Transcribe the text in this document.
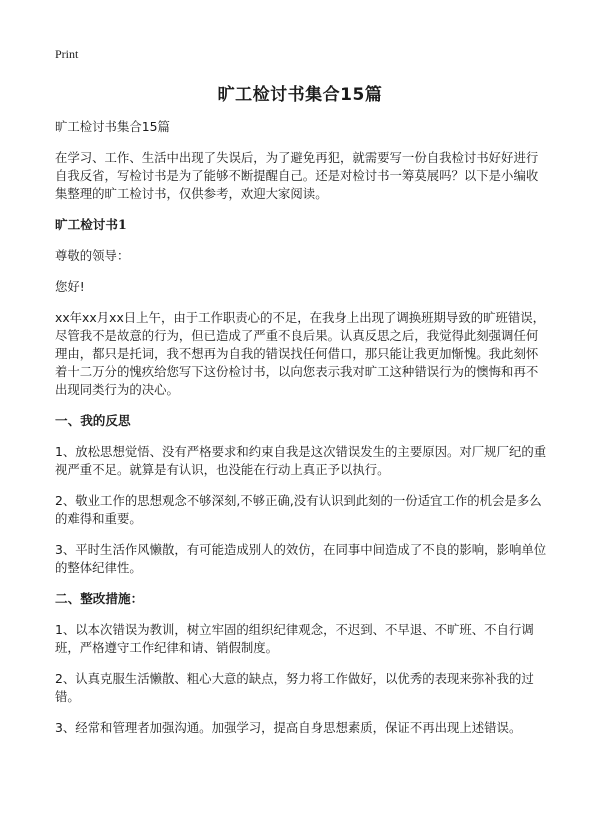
Print
旷工检讨书集合15篇
旷工检讨书集合15篇
在学习、工作、生活中出现了失误后，为了避免再犯，就需要写一份自我检讨书好好进行自我反省，写检讨书是为了能够不断提醒自己。还是对检讨书一筹莫展吗？以下是小编收集整理的旷工检讨书，仅供参考，欢迎大家阅读。
旷工检讨书1
尊敬的领导：
您好!
xx年xx月xx日上午，由于工作职责心的不足，在我身上出现了调换班期导致的旷班错误，尽管我不是故意的行为，但已造成了严重不良后果。认真反思之后，我觉得此刻强调任何理由，都只是托词，我不想再为自我的错误找任何借口，那只能让我更加惭愧。我此刻怀着十二万分的愧疚给您写下这份检讨书，以向您表示我对旷工这种错误行为的懊悔和再不出现同类行为的决心。
一、我的反思
1、放松思想觉悟、没有严格要求和约束自我是这次错误发生的主要原因。对厂规厂纪的重视严重不足。就算是有认识，也没能在行动上真正予以执行。
2、敬业工作的思想观念不够深刻,不够正确,没有认识到此刻的一份适宜工作的机会是多么的难得和重要。
3、平时生活作风懒散，有可能造成别人的效仿，在同事中间造成了不良的影响，影响单位的整体纪律性。
二、整改措施：
1、以本次错误为教训，树立牢固的组织纪律观念，不迟到、不早退、不旷班、不自行调班，严格遵守工作纪律和请、销假制度。
2、认真克服生活懒散、粗心大意的缺点，努力将工作做好，以优秀的表现来弥补我的过错。
3、经常和管理者加强沟通。加强学习，提高自身思想素质，保证不再出现上述错误。
